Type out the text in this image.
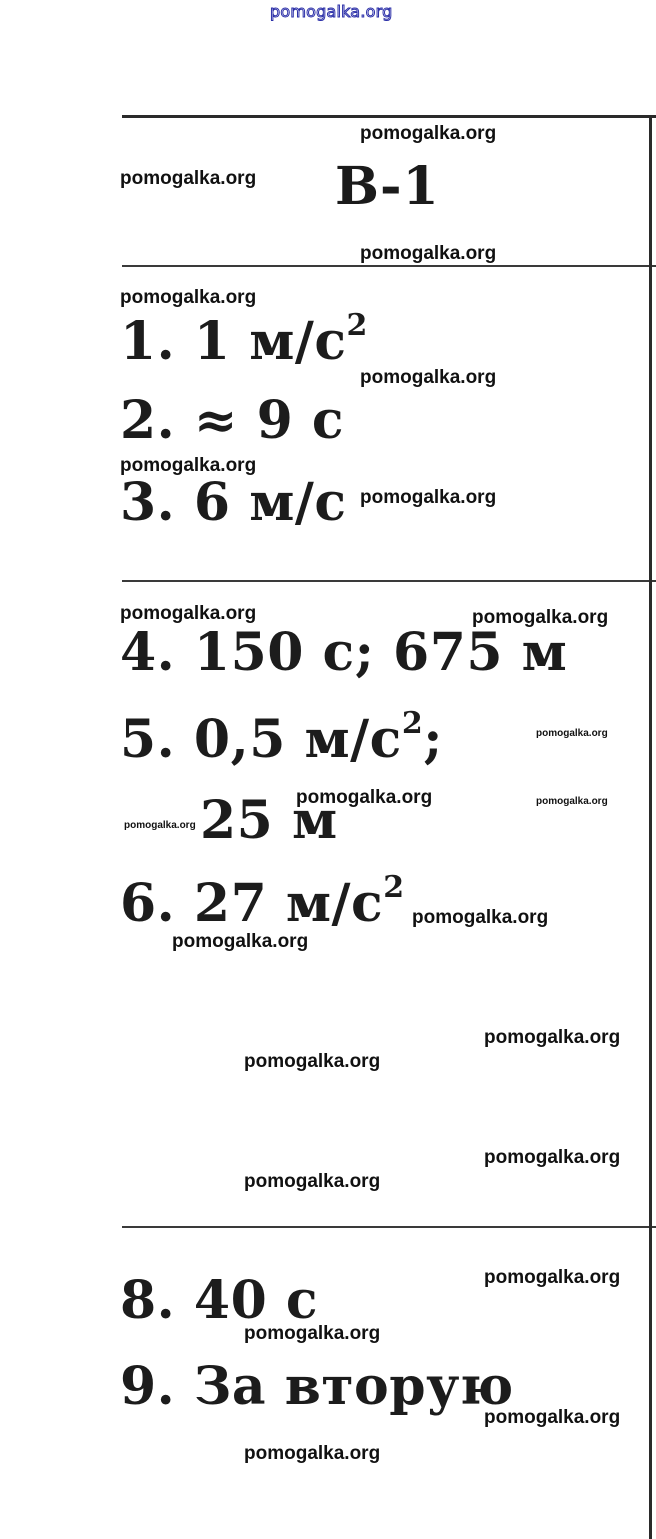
pomogalka.org
В-1
1. 1 $м/с^2$
2. ≈ 9 с
3. 6 м/с
4. 150 с; 675 м
5. 0,5 $м/с^2$;
25 м
6. 27 $м/с^2$
8. 40 с
9. За вторую
pomogalka.org
pomogalka.org
pomogalka.org
pomogalka.org
pomogalka.org
pomogalka.org
pomogalka.org
pomogalka.org	pomogalka.org
pomogalka.org
pomogalka.org	pomogalka.org
pomogalka.org
pomogalka.org
pomogalka.org
pomogalka.org
pomogalka.org
pomogalka.org
pomogalka.org
pomogalka.org
pomogalka.org
pomogalka.org
pomogalka.org
